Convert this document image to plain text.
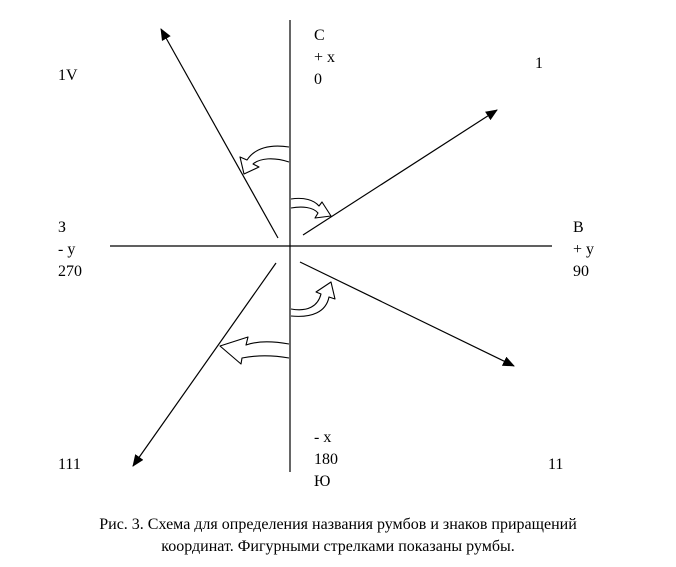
С
+ x
0
В
+ y
90
З
- y
270
- x
180
Ю
1
1V
111	11
Рис. 3. Схема для определения названия румбов и знаков приращений
координат. Фигурными стрелками показаны румбы.
